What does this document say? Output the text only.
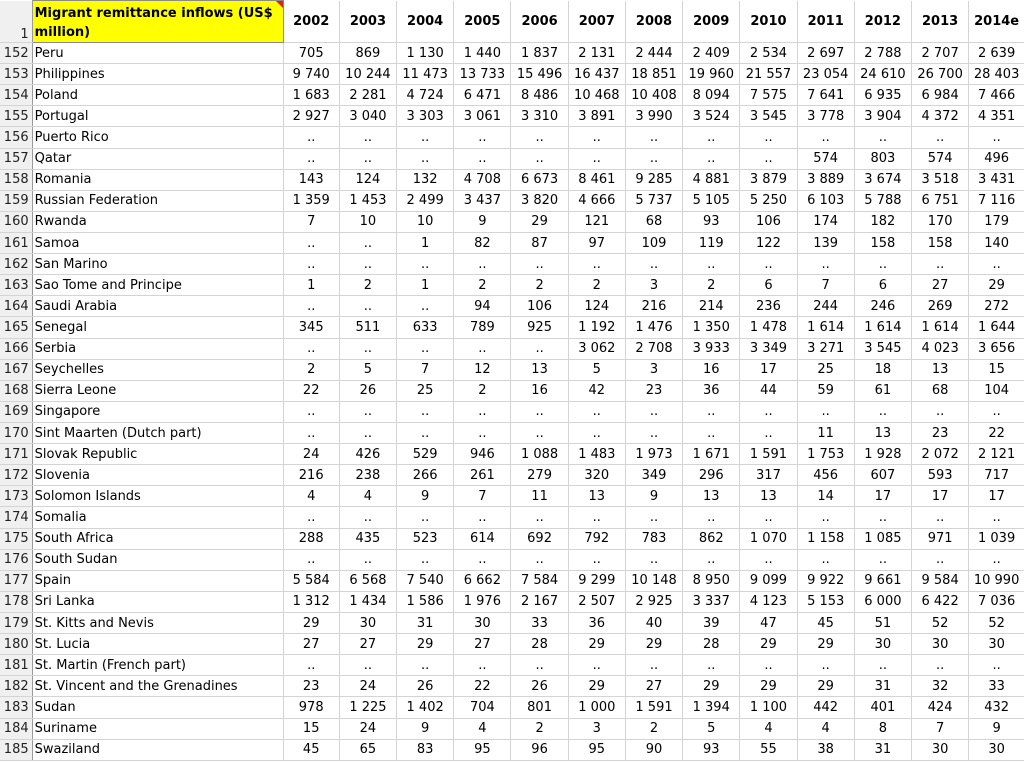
1	Migrant remittance inflows (US$ million)	2002	2003	2004	2005	2006	2007	2008	2009	2010	2011	2012	2013	2014e
152	Peru	705	869	1 130	1 440	1 837	2 131	2 444	2 409	2 534	2 697	2 788	2 707	2 639
153	Philippines	9 740	10 244	11 473	13 733	15 496	16 437	18 851	19 960	21 557	23 054	24 610	26 700	28 403
154	Poland	1 683	2 281	4 724	6 471	8 486	10 468	10 408	8 094	7 575	7 641	6 935	6 984	7 466
155	Portugal	2 927	3 040	3 303	3 061	3 310	3 891	3 990	3 524	3 545	3 778	3 904	4 372	4 351
156	Puerto Rico	..	..	..	..	..	..	..	..	..	..	..	..	..
157	Qatar	..	..	..	..	..	..	..	..	..	574	803	574	496
158	Romania	143	124	132	4 708	6 673	8 461	9 285	4 881	3 879	3 889	3 674	3 518	3 431
159	Russian Federation	1 359	1 453	2 499	3 437	3 820	4 666	5 737	5 105	5 250	6 103	5 788	6 751	7 116
160	Rwanda	7	10	10	9	29	121	68	93	106	174	182	170	179
161	Samoa	..	..	1	82	87	97	109	119	122	139	158	158	140
162	San Marino	..	..	..	..	..	..	..	..	..	..	..	..	..
163	Sao Tome and Principe	1	2	1	2	2	2	3	2	6	7	6	27	29
164	Saudi Arabia	..	..	..	94	106	124	216	214	236	244	246	269	272
165	Senegal	345	511	633	789	925	1 192	1 476	1 350	1 478	1 614	1 614	1 614	1 644
166	Serbia	..	..	..	..	..	3 062	2 708	3 933	3 349	3 271	3 545	4 023	3 656
167	Seychelles	2	5	7	12	13	5	3	16	17	25	18	13	15
168	Sierra Leone	22	26	25	2	16	42	23	36	44	59	61	68	104
169	Singapore	..	..	..	..	..	..	..	..	..	..	..	..	..
170	Sint Maarten (Dutch part)	..	..	..	..	..	..	..	..	..	11	13	23	22
171	Slovak Republic	24	426	529	946	1 088	1 483	1 973	1 671	1 591	1 753	1 928	2 072	2 121
172	Slovenia	216	238	266	261	279	320	349	296	317	456	607	593	717
173	Solomon Islands	4	4	9	7	11	13	9	13	13	14	17	17	17
174	Somalia	..	..	..	..	..	..	..	..	..	..	..	..	..
175	South Africa	288	435	523	614	692	792	783	862	1 070	1 158	1 085	971	1 039
176	South Sudan	..	..	..	..	..	..	..	..	..	..	..	..	..
177	Spain	5 584	6 568	7 540	6 662	7 584	9 299	10 148	8 950	9 099	9 922	9 661	9 584	10 990
178	Sri Lanka	1 312	1 434	1 586	1 976	2 167	2 507	2 925	3 337	4 123	5 153	6 000	6 422	7 036
179	St. Kitts and Nevis	29	30	31	30	33	36	40	39	47	45	51	52	52
180	St. Lucia	27	27	29	27	28	29	29	28	29	29	30	30	30
181	St. Martin (French part)	..	..	..	..	..	..	..	..	..	..	..	..	..
182	St. Vincent and the Grenadines	23	24	26	22	26	29	27	29	29	29	31	32	33
183	Sudan	978	1 225	1 402	704	801	1 000	1 591	1 394	1 100	442	401	424	432
184	Suriname	15	24	9	4	2	3	2	5	4	4	8	7	9
185	Swaziland	45	65	83	95	96	95	90	93	55	38	31	30	30
